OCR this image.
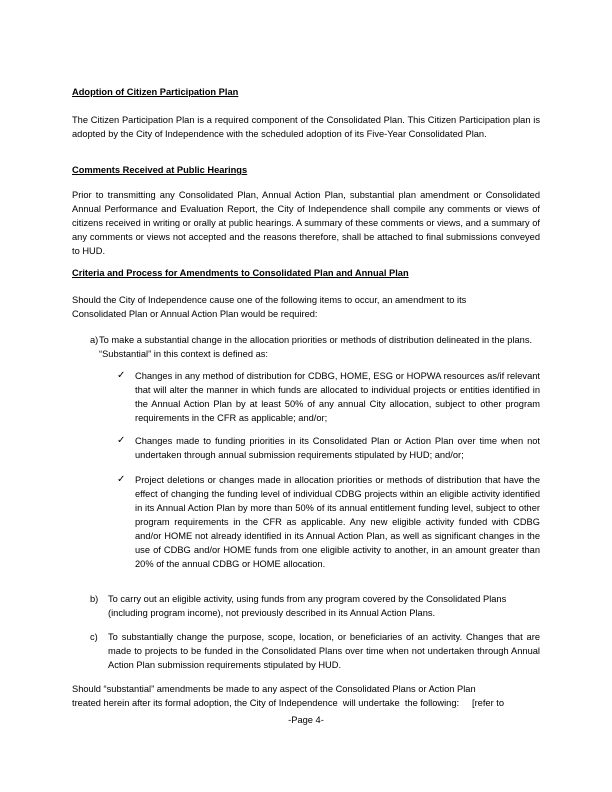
Adoption of Citizen Participation Plan
The Citizen Participation Plan is a required component of the Consolidated Plan. This Citizen Participation plan is adopted by the City of Independence with the scheduled adoption of its Five-Year Consolidated Plan.
Comments Received at Public Hearings
Prior to transmitting any Consolidated Plan, Annual Action Plan, substantial plan amendment or Consolidated Annual Performance and Evaluation Report, the City of Independence shall compile any comments or views of citizens received in writing or orally at public hearings. A summary of these comments or views, and a summary of any comments or views not accepted and the reasons therefore, shall be attached to final submissions conveyed to HUD.
Criteria and Process for Amendments to Consolidated Plan and Annual Plan
Should the City of Independence cause one of the following items to occur, an amendment to its Consolidated Plan or Annual Action Plan would be required:
a) To make a substantial change in the allocation priorities or methods of distribution delineated in the plans. “Substantial” in this context is defined as:
✓ Changes in any method of distribution for CDBG, HOME, ESG or HOPWA resources as/if relevant that will alter the manner in which funds are allocated to individual projects or entities identified in the Annual Action Plan by at least 50% of any annual City allocation, subject to other program requirements in the CFR as applicable; and/or;
✓ Changes made to funding priorities in its Consolidated Plan or Action Plan over time when not undertaken through annual submission requirements stipulated by HUD; and/or;
✓ Project deletions or changes made in allocation priorities or methods of distribution that have the effect of changing the funding level of individual CDBG projects within an eligible activity identified in its Annual Action Plan by more than 50% of its annual entitlement funding level, subject to other program requirements in the CFR as applicable. Any new eligible activity funded with CDBG and/or HOME not already identified in its Annual Action Plan, as well as significant changes in the use of CDBG and/or HOME funds from one eligible activity to another, in an amount greater than 20% of the annual CDBG or HOME allocation.
b) To carry out an eligible activity, using funds from any program covered by the Consolidated Plans (including program income), not previously described in its Annual Action Plans.
c) To substantially change the purpose, scope, location, or beneficiaries of an activity. Changes that are made to projects to be funded in the Consolidated Plans over time when not undertaken through Annual Action Plan submission requirements stipulated by HUD.
Should “substantial” amendments be made to any aspect of the Consolidated Plans or Action Plan
treated herein after its formal adoption, the City of Independence  will undertake  the following:     [refer to
-Page 4-
